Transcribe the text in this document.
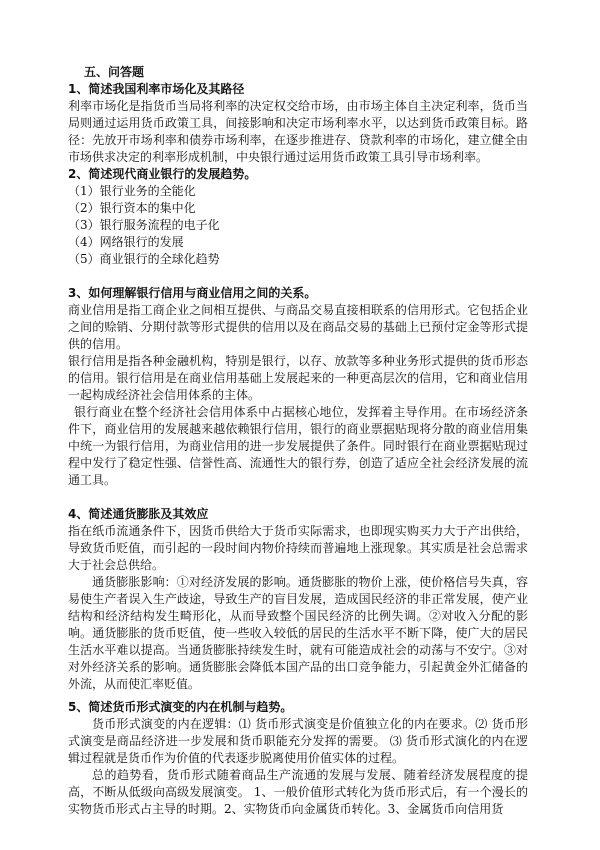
五、问答题

1、简述我国利率市场化及其路径

利率市场化是指货币当局将利率的决定权交给市场，由市场主体自主决定利率，货币当局则通过运用货币政策工具，间接影响和决定市场利率水平，以达到货币政策目标。路径：先放开市场利率和债券市场利率，在逐步推进存、贷款利率的市场化，建立健全由市场供求决定的利率形成机制，中央银行通过运用货币政策工具引导市场利率。

2、简述现代商业银行的发展趋势。

（1）银行业务的全能化
（2）银行资本的集中化
（3）银行服务流程的电子化
（4）网络银行的发展
（5）商业银行的全球化趋势

3、如何理解银行信用与商业信用之间的关系。

商业信用是指工商企业之间相互提供、与商品交易直接相联系的信用形式。它包括企业之间的赊销、分期付款等形式提供的信用以及在商品交易的基础上已预付定金等形式提供的信用。

银行信用是指各种金融机构，特别是银行，以存、放款等多种业务形式提供的货币形态的信用。银行信用是在商业信用基础上发展起来的一种更高层次的信用，它和商业信用一起构成经济社会信用体系的主体。

银行商业在整个经济社会信用体系中占据核心地位，发挥着主导作用。在市场经济条件下，商业信用的发展越来越依赖银行信用，银行的商业票据贴现将分散的商业信用集中统一为银行信用，为商业信用的进一步发展提供了条件。同时银行在商业票据贴现过程中发行了稳定性强、信誉性高、流通性大的银行券，创造了适应全社会经济发展的流通工具。

4、简述通货膨胀及其效应

指在纸币流通条件下，因货币供给大于货币实际需求，也即现实购买力大于产出供给，导致货币贬值，而引起的一段时间内物价持续而普遍地上涨现象。其实质是社会总需求大于社会总供给。

通货膨胀影响：①对经济发展的影响。通货膨胀的物价上涨，使价格信号失真，容易使生产者误入生产歧途，导致生产的盲目发展，造成国民经济的非正常发展，使产业结构和经济结构发生畸形化，从而导致整个国民经济的比例失调。②对收入分配的影响。通货膨胀的货币贬值，使一些收入较低的居民的生活水平不断下降，使广大的居民生活水平难以提高。当通货膨胀持续发生时，就有可能造成社会的动荡与不安宁。③对对外经济关系的影响。通货膨胀会降低本国产品的出口竞争能力，引起黄金外汇储备的外流，从而使汇率贬值。

5、简述货币形式演变的内在机制与趋势。

货币形式演变的内在逻辑：⑴ 货币形式演变是价值独立化的内在要求。⑵ 货币形式演变是商品经济进一步发展和货币职能充分发挥的需要。 ⑶ 货币形式演化的内在逻辑过程就是货币作为价值的代表逐步脱离使用价值实体的过程。

总的趋势看，货币形式随着商品生产流通的发展与发展、随着经济发展程度的提高，不断从低级向高级发展演变。 1、一般价值形式转化为货币形式后，有一个漫长的实物货币形式占主导的时期。2、实物货币向金属货币转化。3、金属货币向信用货
